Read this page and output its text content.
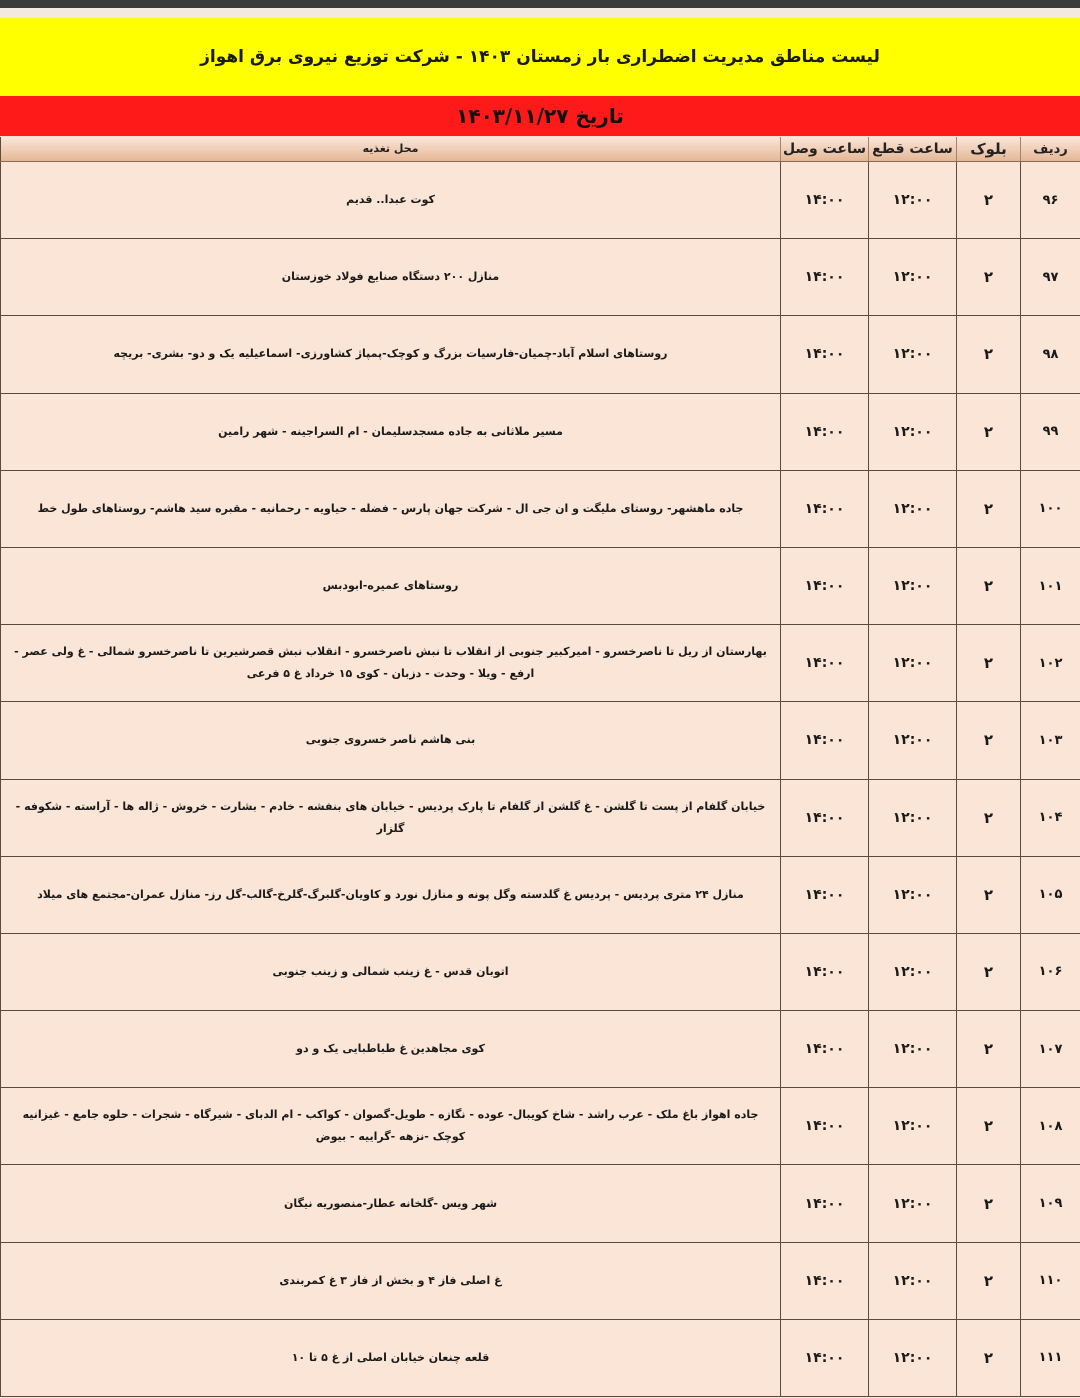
لیست مناطق مدیریت اضطراری بار زمستان ۱۴۰۳ - شرکت توزیع نیروی برق اهواز
تاریخ ۱۴۰۳/۱۱/۲۷
ردیف
بلوک
ساعت قطع
ساعت وصل
محل تغذیه
۹۶
۲
۱۲:۰۰
۱۴:۰۰
کوت عبدا.. قدیم
۹۷
۲
۱۲:۰۰
۱۴:۰۰
منازل ۲۰۰ دستگاه صنایع فولاد خوزستان
۹۸
۲
۱۲:۰۰
۱۴:۰۰
روستاهای اسلام آباد-چمیان-فارسیات بزرگ و کوچک-پمپاژ کشاورزی- اسماعیلیه یک و دو- بشری- بریچه
۹۹
۲
۱۲:۰۰
۱۴:۰۰
مسیر ملاثانی به جاده مسجدسلیمان - ام السراجینه - شهر رامین
۱۰۰
۲
۱۲:۰۰
۱۴:۰۰
جاده ماهشهر- روستای ملیگت و ان جی ال - شرکت جهان پارس - فضله - حیاویه - رحمانیه - مقبره سید هاشم- روستاهای طول خط
۱۰۱
۲
۱۲:۰۰
۱۴:۰۰
روستاهای عمیره-ابودبس
۱۰۲
۲
۱۲:۰۰
۱۴:۰۰
بهارستان از ریل تا ناصرخسرو - امیرکبیر جنوبی از انقلاب تا نبش ناصرخسرو - انقلاب نبش قصرشیرین تا ناصرخسرو شمالی - غ ولی عصر - ارفع - ویلا - وحدت - دزبان - کوی ۱۵ خرداد غ ۵ فرعی
۱۰۳
۲
۱۲:۰۰
۱۴:۰۰
بنی هاشم ناصر خسروی جنوبی
۱۰۴
۲
۱۲:۰۰
۱۴:۰۰
خیابان گلفام از پست تا گلشن - غ گلشن از گلفام تا پارک پردیس - خیابان های بنفشه - خادم - بشارت - خروش - ژاله ها - آراسته - شکوفه - گلزار
۱۰۵
۲
۱۲:۰۰
۱۴:۰۰
منازل ۲۴ متری پردیس - پردیس غ گلدسته وگل پونه و منازل نورد و کاویان-گلبرگ-گلرخ-گالب-گل رز- منازل عمران-مجتمع های میلاد
۱۰۶
۲
۱۲:۰۰
۱۴:۰۰
اتوبان قدس - غ زینب شمالی و زینب جنوبی
۱۰۷
۲
۱۲:۰۰
۱۴:۰۰
کوی مجاهدین غ طباطبایی یک و دو
۱۰۸
۲
۱۲:۰۰
۱۴:۰۰
جاده اهواز باغ ملک - عرب راشد - شاخ کویبال- عوده - نگازه - طویل-گصوان - کواکب - ام الدبای - شیرگاه - شجرات - حلوه جامع - غیزانیه کوچک -نزهه -گراییه - بیوض
۱۰۹
۲
۱۲:۰۰
۱۴:۰۰
شهر ویس -گلخانه عطار-منصوریه نیگان
۱۱۰
۲
۱۲:۰۰
۱۴:۰۰
غ اصلی فاز ۴ و بخش از فاز ۳ غ کمربندی
۱۱۱
۲
۱۲:۰۰
۱۴:۰۰
قلعه چنعان خیابان اصلی از غ ۵ تا ۱۰
